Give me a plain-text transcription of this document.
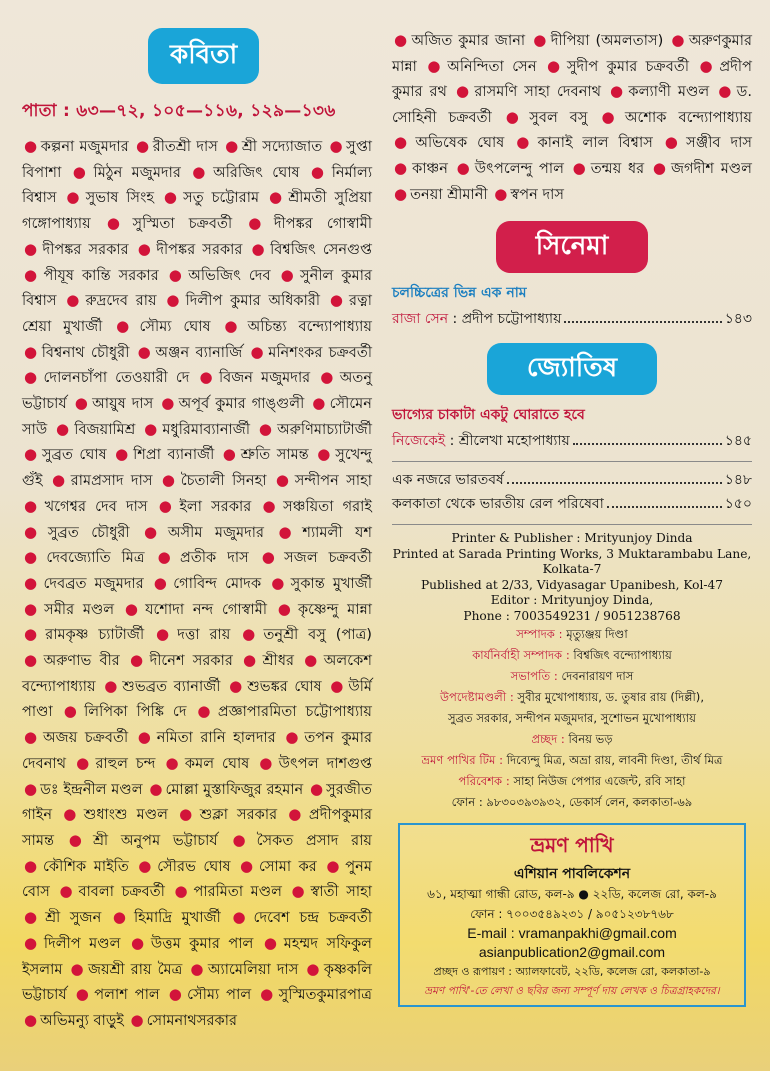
কবিতা
পাতা : ৬৩—৭২, ১০৫—১১৬, ১২৯—১৩৬
● কল্পনা মজুমদার ● রীতশ্রী দাস ● শ্রী সদ্যোজাত ● সুপ্তা বিপাশা ● মিঠুন মজুমদার ● অরিজিৎ ঘোষ ● নির্মাল্য বিশ্বাস ● সুভাষ সিংহ ● সতু চট্টোরাম ● শ্রীমতী সুপ্রিয়া গঙ্গোপাধ্যায় ● সুস্মিতা চক্রবর্তী ● দীপঙ্কর গোস্বামী ● দীপঙ্কর সরকার ● দীপঙ্কর সরকার ● বিশ্বজিৎ সেনগুপ্ত ● পীযূষ কান্তি সরকার ● অভিজিৎ দেব ● সুনীল কুমার বিশ্বাস ● রুদ্রদেব রায় ● দিলীপ কুমার অধিকারী ● রত্না শ্রেয়া মুখার্জী ● সৌম্য ঘোষ ● অচিন্ত্য বন্দ্যোপাধ্যায় ● বিশ্বনাথ চৌধুরী ● অঞ্জন ব্যানার্জি ● মনিশংকর চক্রবর্তী ● দোলনচাঁপা তেওয়ারী দে ● বিজন মজুমদার ● অতনু ভট্টাচার্য ● আয়ুষ দাস ● অপূর্ব কুমার গাঙ্গুলী ● সৌমেন সাউ ● বিজয়ামিশ্র ● মধুরিমাব্যানার্জী ● অরুণিমাচ্যাটার্জী ● সুব্রত ঘোষ ● শিপ্রা ব্যানার্জী ● শ্রুতি সামন্ত ● সুখেন্দু গুঁই ● রামপ্রসাদ দাস ● চৈতালী সিনহা ● সন্দীপন সাহা ● খগেশ্বর দেব দাস ● ইলা সরকার ● সঞ্চয়িতা গরাই ● সুব্রত চৌধুরী ● অসীম মজুমদার ● শ্যামলী যশ ● দেবজ্যোতি মিত্র ● প্রতীক দাস ● সজল চক্রবর্তী ● দেবব্রত মজুমদার ● গোবিন্দ মোদক ● সুকান্ত মুখার্জী ● সমীর মণ্ডল ● যশোদা নন্দ গোস্বামী ● কৃষ্ণেন্দু মান্না ● রামকৃষ্ণ চ্যাটার্জী ● দত্তা রায় ● তনুশ্রী বসু (পাত্র) ● অরুণাভ বীর ● দীনেশ সরকার ● শ্রীধর ● অলকেশ বন্দ্যোপাধ্যায় ● শুভব্রত ব্যানার্জী ● শুভঙ্কর ঘোষ ● উর্মি পাণ্ডা ● লিপিকা পিঙ্কি দে ● প্রজ্ঞাপারমিতা চট্টোপাধ্যায় ● অজয় চক্রবর্তী ● নমিতা রানি হালদার ● তপন কুমার দেবনাথ ● রাহুল চন্দ ● কমল ঘোষ ● উৎপল দাশগুপ্ত ● ডঃ ইন্দ্রনীল মণ্ডল ● মোল্লা মুস্তাফিজুর রহমান ● সুরজীত গাইন ● শুধাংশু মণ্ডল ● শুক্লা সরকার ● প্রদীপকুমার সামন্ত ● শ্রী অনুপম ভট্টাচার্য ● সৈকত প্রসাদ রায় ● কৌশিক মাইতি ● সৌরভ ঘোষ ● সোমা কর ● পুনম বোস ● বাবলা চক্রবর্তী ● পারমিতা মণ্ডল ● স্বাতী সাহা ● শ্রী সুজন ● হিমাদ্রি মুখার্জী ● দেবেশ চন্দ্র চক্রবর্তী ● দিলীপ মণ্ডল ● উত্তম কুমার পাল ● মহম্মদ সফিকুল ইসলাম ● জয়শ্রী রায় মৈত্র ● অ্যামেলিয়া দাস ● কৃষ্ণকলি ভট্টাচার্য ● পলাশ পাল ● সৌম্য পাল ● সুস্মিতকুমারপাত্র ● অভিমন্যু বাড়ুই ● সোমনাথসরকার
● অজিত কুমার জানা ● দীপিয়া (অমলতাস) ● অরুণকুমার মান্না ● অনিন্দিতা সেন ● সুদীপ কুমার চক্রবর্তী ● প্রদীপ কুমার রথ ● রাসমণি সাহা দেবনাথ ● কল্যাণী মণ্ডল ● ড. সোহিনী চক্রবর্তী ● সুবল বসু ● অশোক বন্দ্যোপাধ্যায় ● অভিষেক ঘোষ ● কানাই লাল বিশ্বাস ● সঞ্জীব দাস ● কাঞ্চন ● উৎপলেন্দু পাল ● তন্ময় ধর ● জগদীশ মণ্ডল ● তনয়া শ্রীমানী ● স্বপন দাস
সিনেমা
চলচ্চিত্রের ভিন্ন এক নাম
রাজা সেন
: প্রদীপ চট্টোপাধ্যায়	১৪৩
জ্যোতিষ
ভাগ্যের চাকাটা একটু ঘোরাতে হবে
নিজেকেই
: শ্রীলেখা মহোপাধ্যায়	১৪৫
এক নজরে ভারতবর্ষ	১৪৮
কলকাতা থেকে ভারতীয় রেল পরিষেবা	১৫০
Printer & Publisher : Mrityunjoy Dinda
Printed at Sarada Printing Works, 3 Muktarambabu Lane, Kolkata-7
Published at 2/33, Vidyasagar Upanibesh, Kol-47
Editor : Mrityunjoy Dinda,
Phone : 7003549231 / 9051238768
সম্পাদক : মৃত্যুঞ্জয় দিণ্ডা
কার্যনির্বাহী সম্পাদক : বিশ্বজিৎ বন্দ্যোপাধ্যায়
সভাপতি : দেবনারায়ণ দাস
উপদেষ্টামণ্ডলী : সুবীর মুখোপাধ্যায়, ড. তুষার রায় (দিল্লী),
সুব্রত সরকার, সন্দীপন মজুমদার, সুশোভন মুখোপাধ্যায়
প্রচ্ছদ : বিনয় ভড়
ভ্রমণ পাখির টিম : দিব্যেন্দু মিত্র, অভ্রা রায়, লাবনী দিণ্ডা, তীর্থ মিত্র
পরিবেশক : সাহা নিউজ পেপার এজেন্ট, রবি সাহা
ফোন : ৯৮৩০৩৯৩৯৩২, ডেকার্স লেন, কলকাতা-৬৯
ভ্রমণ পাখি
এশিয়ান পাবলিকেশন
৬১, মহাত্মা গান্ধী রোড, কল-৯ ● ২২ডি, কলেজ রো, কল-৯
ফোন : ৭০০৩৫৪৯২৩১ / ৯০৫১২৩৮৭৬৮
E-mail : vramanpakhi@gmail.com
asianpublication2@gmail.com
প্রচ্ছদ ও রূপায়ণ : অ্যালফাবেট, ২২ডি, কলেজ রো, কলকাতা-৯
ভ্রমণ পাখি'-তে লেখা ও ছবির জন্য সম্পূর্ণ দায় লেখক ও চিত্রগ্রাহকদের।
